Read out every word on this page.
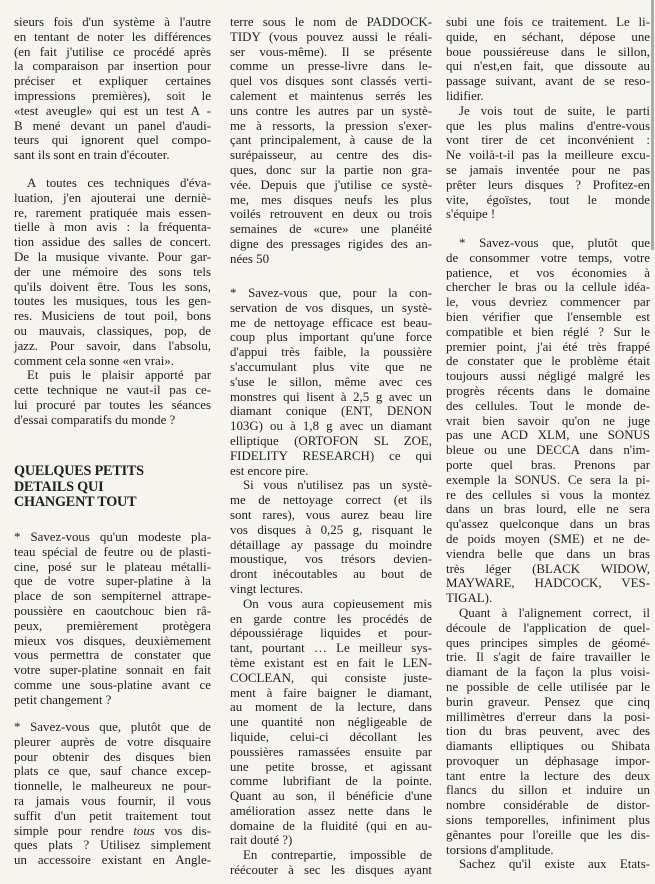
sieurs fois d'un système à l'autre
en tentant de noter les différences
(en fait j'utilise ce procédé après
la comparaison par insertion pour
préciser et expliquer certaines
impressions premières), soit le
«test aveugle» qui est un test A -
B mené devant un panel d'audi-
teurs qui ignorent quel compo-
sant ils sont en train d'écouter.
A toutes ces techniques d'éva-
luation, j'en ajouterai une derniè-
re, rarement pratiquée mais essen-
tielle à mon avis : la fréquenta-
tion assidue des salles de concert.
De la musique vivante. Pour gar-
der une mémoire des sons tels
qu'ils doivent être. Tous les sons,
toutes les musiques, tous les gen-
res. Musiciens de tout poil, bons
ou mauvais, classiques, pop, de
jazz. Pour savoir, dans l'absolu,
comment cela sonne «en vrai».
Et puis le plaisir apporté par
cette technique ne vaut-il pas ce-
lui procuré par toutes les séances
d'essai comparatifs du monde ?
QUELQUES PETITS
DETAILS QUI
CHANGENT TOUT
* Savez-vous qu'un modeste pla-
teau spécial de feutre ou de plasti-
cine, posé sur le plateau métalli-
que de votre super-platine à la
place de son sempiternel attrape-
poussière en caoutchouc bien râ-
peux, premièrement protègera
mieux vos disques, deuxièmement
vous permettra de constater que
votre super-platine sonnait en fait
comme une sous-platine avant ce
petit changement ?
* Savez-vous que, plutôt que de
pleurer auprès de votre disquaire
pour obtenir des disques bien
plats ce que, sauf chance excep-
tionnelle, le malheureux ne pour-
ra jamais vous fournir, il vous
suffit d'un petit traitement tout
simple pour rendre tous vos dis-
ques plats ? Utilisez simplement
un accessoire existant en Angle-
terre sous le nom de PADDOCK-
TIDY (vous pouvez aussi le réali-
ser vous-même). Il se présente
comme un presse-livre dans le-
quel vos disques sont classés verti-
calement et maintenus serrés les
uns contre les autres par un systè-
me à ressorts, la pression s'exer-
çant principalement, à cause de la
surépaisseur, au centre des dis-
ques, donc sur la partie non gra-
vée. Depuis que j'utilise ce systè-
me, mes disques neufs les plus
voilés retrouvent en deux ou trois
semaines de «cure» une planéité
digne des pressages rigides des an-
nées 50
* Savez-vous que, pour la con-
servation de vos disques, un systè-
me de nettoyage efficace est beau-
coup plus important qu'une force
d'appui très faible, la poussière
s'accumulant plus vite que ne
s'use le sillon, même avec ces
monstres qui lisent à 2,5 g avec un
diamant conique (ENT, DENON
103G) ou à 1,8 g avec un diamant
elliptique (ORTOFON SL ZOE,
FIDELITY RESEARCH) ce qui
est encore pire.
Si vous n'utilisez pas un systè-
me de nettoyage correct (et ils
sont rares), vous aurez beau lire
vos disques à 0,25 g, risquant le
détaillage ay passage du moindre
moustique, vos trésors devien-
dront inécoutables au bout de
vingt lectures.
On vous aura copieusement mis
en garde contre les procédés de
dépoussiérage liquides et pour-
tant, pourtant … Le meilleur sys-
tème existant est en fait le LEN-
COCLEAN, qui consiste juste-
ment à faire baigner le diamant,
au moment de la lecture, dans
une quantité non négligeable de
liquide, celui-ci décollant les
poussières ramassées ensuite par
une petite brosse, et agissant
comme lubrifiant de la pointe.
Quant au son, il bénéficie d'une
amélioration assez nette dans le
domaine de la fluidité (qui en au-
rait douté ?)
En contrepartie, impossible de
réécouter à sec les disques ayant
subi une fois ce traitement. Le li-
quide, en séchant, dépose une
boue poussiéreuse dans le sillon,
qui n'est,en fait, que dissoute au
passage suivant, avant de se reso-
lidifier.
Je vois tout de suite, le parti
que les plus malins d'entre-vous
vont tirer de cet inconvénient :
Ne voilà-t-il pas la meilleure excu-
se jamais inventée pour ne pas
prêter leurs disques ? Profitez-en
vite, égoïstes, tout le monde
s'équipe !
* Savez-vous que, plutôt que
de consommer votre temps, votre
patience, et vos économies à
chercher le bras ou la cellule idéa-
le, vous devriez commencer par
bien vérifier que l'ensemble est
compatible et bien réglé ? Sur le
premier point, j'ai été très frappé
de constater que le problème était
toujours aussi négligé malgré les
progrès récents dans le domaine
des cellules. Tout le monde de-
vrait bien savoir qu'on ne juge
pas une ACD XLM, une SONUS
bleue ou une DECCA dans n'im-
porte quel bras. Prenons par
exemple la SONUS. Ce sera la pi-
re des cellules si vous la montez
dans un bras lourd, elle ne sera
qu'assez quelconque dans un bras
de poids moyen (SME) et ne de-
viendra belle que dans un bras
très léger (BLACK WIDOW,
MAYWARE, HADCOCK, VES-
TIGAL).
Quant à l'alignement correct, il
découle de l'application de quel-
ques principes simples de géomé-
trie. Il s'agit de faire travailler le
diamant de la façon la plus voisi-
ne possible de celle utilisée par le
burin graveur. Pensez que cinq
millimètres d'erreur dans la posi-
tion du bras peuvent, avec des
diamants elliptiques ou Shibata
provoquer un déphasage impor-
tant entre la lecture des deux
flancs du sillon et induire un
nombre considérable de distor-
sions temporelles, infiniment plus
gênantes pour l'oreille que les dis-
torsions d'amplitude.
Sachez qu'il existe aux Etats-
